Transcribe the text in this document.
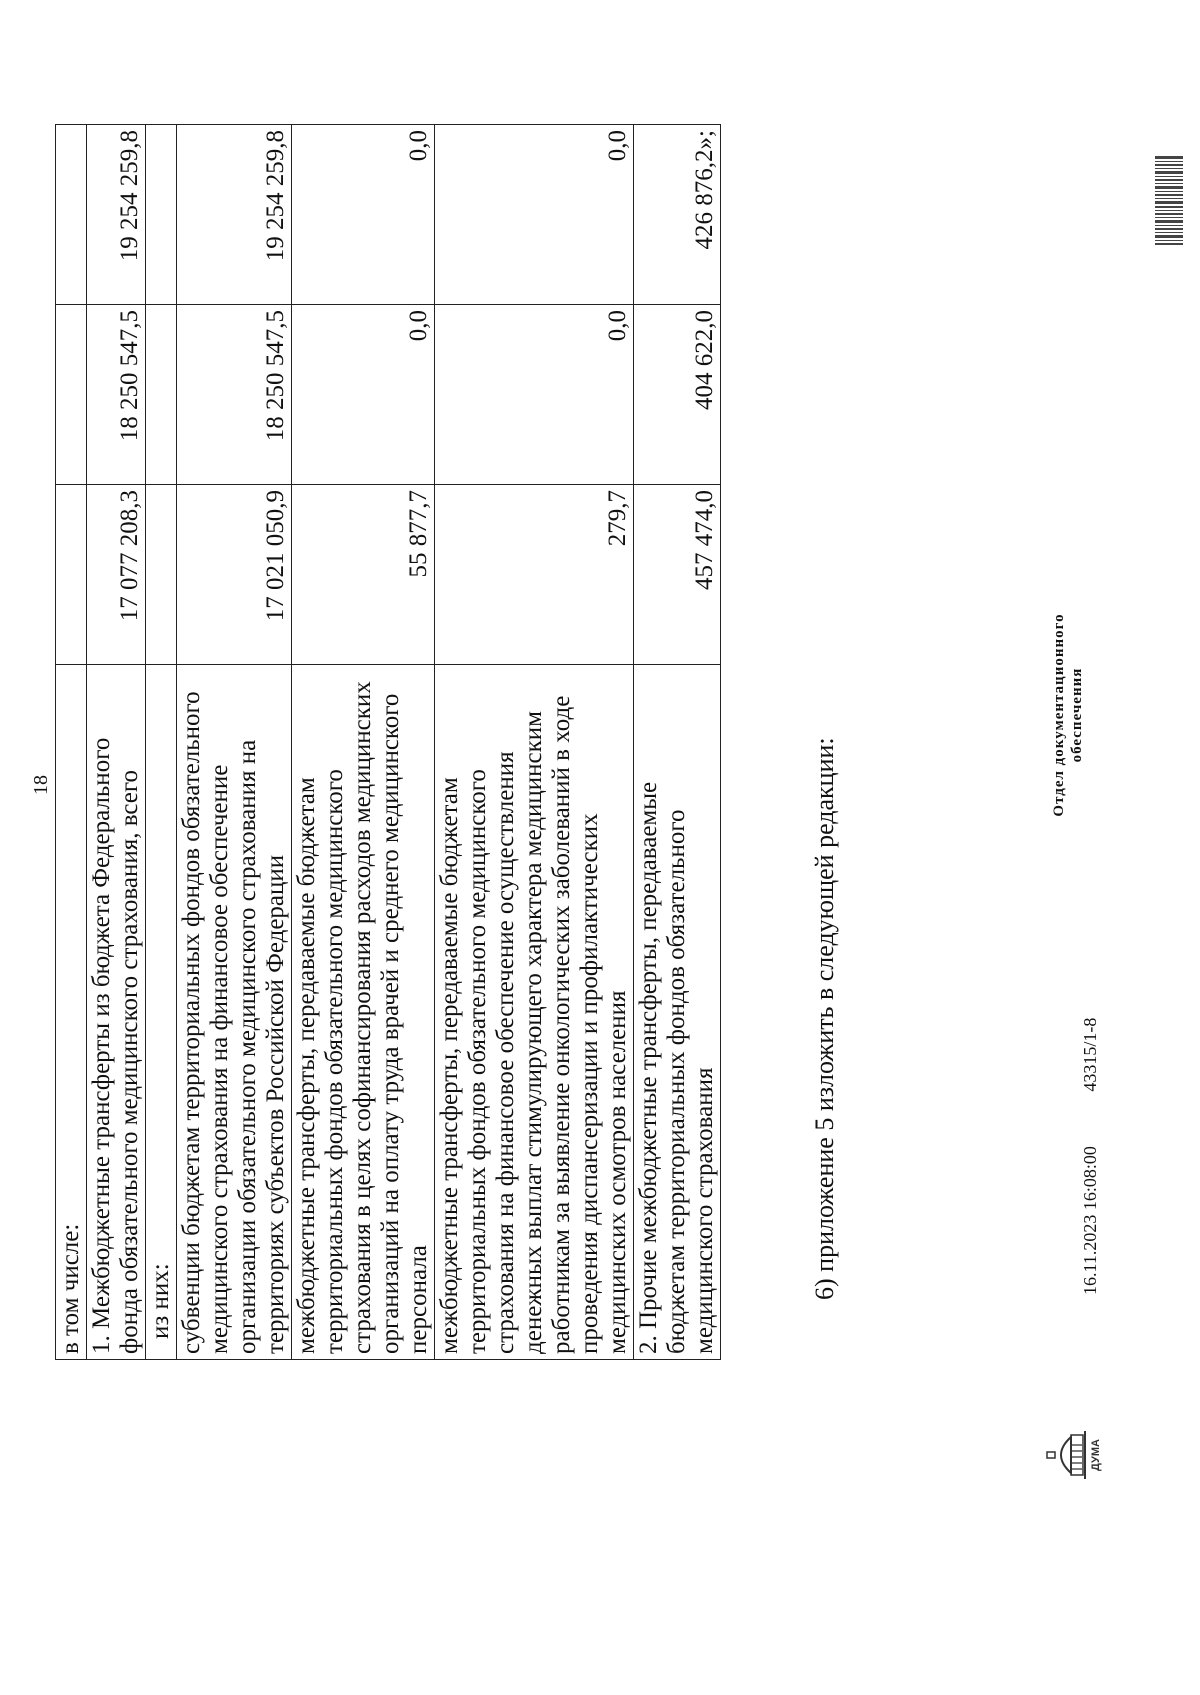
18
в том числе:			
1. Межбюджетные трансферты из бюджета Федерального фонда обязательного медицинского страхования, всего	17 077 208,3	18 250 547,5	19 254 259,8
из них:			
субвенции бюджетам территориальных фондов обязательного медицинского страхования на финансовое обеспечение организации обязательного медицинского страхования на территориях субъектов Российской Федерации	17 021 050,9	18 250 547,5	19 254 259,8
межбюджетные трансферты, передаваемые бюджетам территориальных фондов обязательного медицинского страхования в целях софинансирования расходов медицинских организаций на оплату труда врачей и среднего медицинского персонала	55 877,7	0,0	0,0
межбюджетные трансферты, передаваемые бюджетам территориальных фондов обязательного медицинского страхования на финансовое обеспечение осуществления денежных выплат стимулирующего характера медицинским работникам за выявление онкологических заболеваний в ходе проведения диспансеризации и профилактических медицинских осмотров населения	279,7	0,0	0,0
2. Прочие межбюджетные трансферты, передаваемые бюджетам территориальных фондов обязательного медицинского страхования	457 474,0	404 622,0	426 876,2»;
6) приложение 5 изложить в следующей редакции:
ДУМА
16.11.2023 16:08:00 43315/1-8
Отдел документационного обеспечения
